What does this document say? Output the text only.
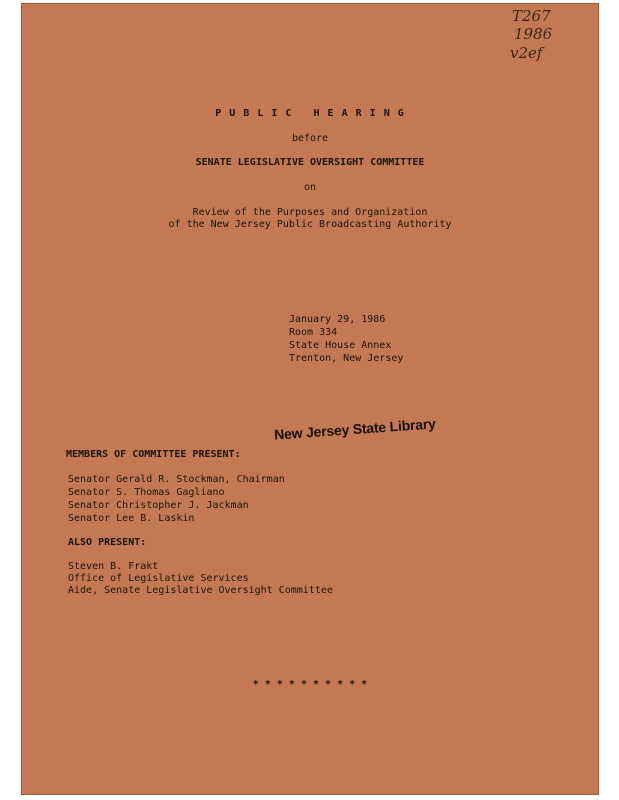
T267
1986
v2ef
P U B L I C   H E A R I N G
before
SENATE LEGISLATIVE OVERSIGHT COMMITTEE
on
Review of the Purposes and Organization
of the New Jersey Public Broadcasting Authority
January 29, 1986
Room 334
State House Annex
Trenton, New Jersey
New Jersey State Library
MEMBERS OF COMMITTEE PRESENT:
Senator Gerald R. Stockman, Chairman
Senator S. Thomas Gagliano
Senator Christopher J. Jackman
Senator Lee B. Laskin
ALSO PRESENT:
Steven B. Frakt
Office of Legislative Services
Aide, Senate Legislative Oversight Committee
* * * * * * * * * *
